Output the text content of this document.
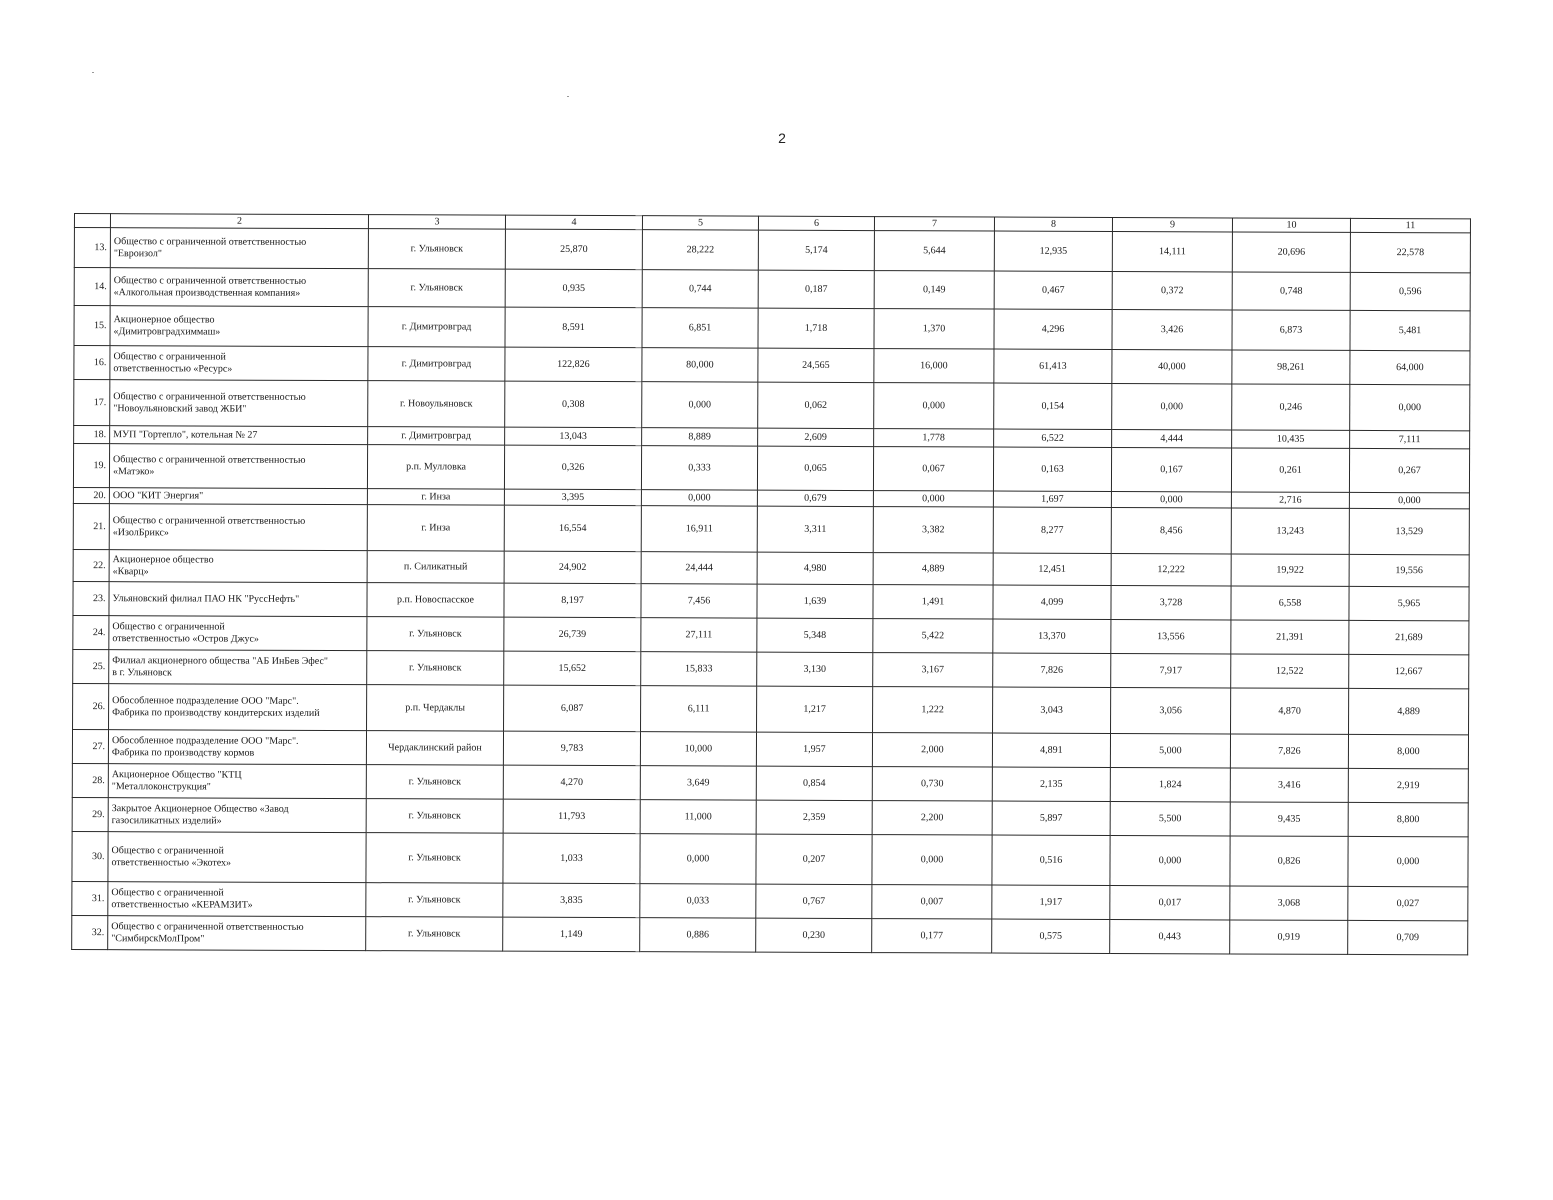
2
	2	3	4	5	6	7	8	9	10	11
13.	Общество с ограниченной ответственностью
"Евроизол"	г. Ульяновск	25,870	28,222	5,174	5,644	12,935	14,111	20,696	22,578
14.	Общество с ограниченной ответственностью
«Алкогольная производственная компания»	г. Ульяновск	0,935	0,744	0,187	0,149	0,467	0,372	0,748	0,596
15.	Акционерное общество
«Димитровградхиммаш»	г. Димитровград	8,591	6,851	1,718	1,370	4,296	3,426	6,873	5,481
16.	Общество с ограниченной
ответственностью «Ресурс»	г. Димитровград	122,826	80,000	24,565	16,000	61,413	40,000	98,261	64,000
17.	Общество с ограниченной ответственностью
"Новоульяновский завод ЖБИ"	г. Новоульяновск	0,308	0,000	0,062	0,000	0,154	0,000	0,246	0,000
18.	МУП "Гортепло", котельная № 27	г. Димитровград	13,043	8,889	2,609	1,778	6,522	4,444	10,435	7,111
19.	Общество с ограниченной ответственностью
«Матэко»	р.п. Мулловка	0,326	0,333	0,065	0,067	0,163	0,167	0,261	0,267
20.	ООО "КИТ Энергия"	г. Инза	3,395	0,000	0,679	0,000	1,697	0,000	2,716	0,000
21.	Общество с ограниченной ответственностью
«ИзолБрикс»	г. Инза	16,554	16,911	3,311	3,382	8,277	8,456	13,243	13,529
22.	Акционерное общество
«Кварц»	п. Силикатный	24,902	24,444	4,980	4,889	12,451	12,222	19,922	19,556
23.	Ульяновский филиал ПАО НК "РуссНефть"	р.п. Новоспасское	8,197	7,456	1,639	1,491	4,099	3,728	6,558	5,965
24.	Общество с ограниченной
ответственностью «Остров Джус»	г. Ульяновск	26,739	27,111	5,348	5,422	13,370	13,556	21,391	21,689
25.	Филиал акционерного общества "АБ ИнБев Эфес"
в г. Ульяновск	г. Ульяновск	15,652	15,833	3,130	3,167	7,826	7,917	12,522	12,667
26.	Обособленное подразделение ООО "Марс".
Фабрика по производству кондитерских изделий	р.п. Чердаклы	6,087	6,111	1,217	1,222	3,043	3,056	4,870	4,889
27.	Обособленное подразделение ООО "Марс".
Фабрика по производству кормов	Чердаклинский район	9,783	10,000	1,957	2,000	4,891	5,000	7,826	8,000
28.	Акционерное Общество "КТЦ
"Металлоконструкция"	г. Ульяновск	4,270	3,649	0,854	0,730	2,135	1,824	3,416	2,919
29.	Закрытое Акционерное Общество «Завод
газосиликатных изделий»	г. Ульяновск	11,793	11,000	2,359	2,200	5,897	5,500	9,435	8,800
30.	Общество с ограниченной
ответственностью «Экотех»	г. Ульяновск	1,033	0,000	0,207	0,000	0,516	0,000	0,826	0,000
31.	Общество с ограниченной
ответственностью «КЕРАМЗИТ»	г. Ульяновск	3,835	0,033	0,767	0,007	1,917	0,017	3,068	0,027
32.	Общество с ограниченной ответственностью
"СимбирскМолПром"	г. Ульяновск	1,149	0,886	0,230	0,177	0,575	0,443	0,919	0,709
